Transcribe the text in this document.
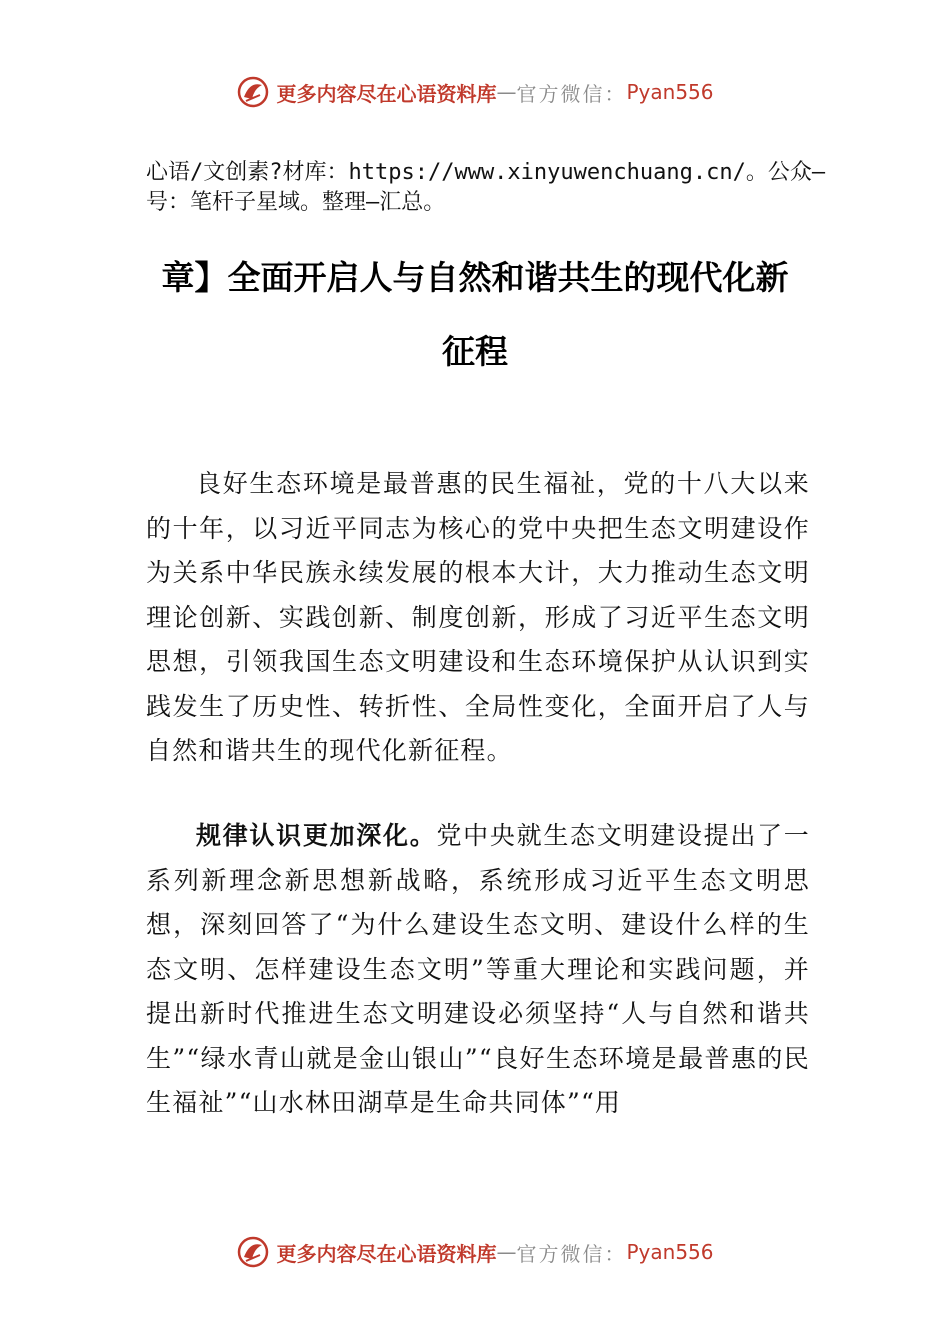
更多内容尽在心语资料库 — 官方微信： Pyan556

心语/文创素?材库：https://www.xinyuwenchuang.cn/。公众—号：笔杆子星域。整理—汇总。

章】全面开启人与自然和谐共生的现代化新
征程

良好生态环境是最普惠的民生福祉，党的十八大以来的十年，以习近平同志为核心的党中央把生态文明建设作为关系中华民族永续发展的根本大计，大力推动生态文明理论创新、实践创新、制度创新，形成了习近平生态文明思想，引领我国生态文明建设和生态环境保护从认识到实践发生了历史性、转折性、全局性变化，全面开启了人与自然和谐共生的现代化新征程。

规律认识更加深化。党中央就生态文明建设提出了一系列新理念新思想新战略，系统形成习近平生态文明思想，深刻回答了“为什么建设生态文明、建设什么样的生态文明、怎样建设生态文明”等重大理论和实践问题，并提出新时代推进生态文明建设必须坚持“人与自然和谐共生”“绿水青山就是金山银山”“良好生态环境是最普惠的民生福祉”“山水林田湖草是生命共同体”“用

更多内容尽在心语资料库 — 官方微信： Pyan556
